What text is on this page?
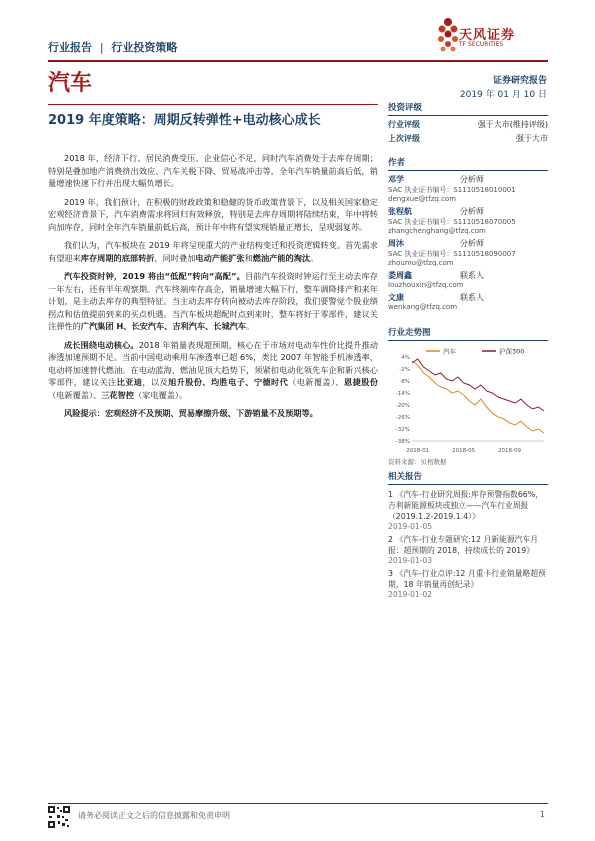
行业报告 | 行业投资策略
天风证券
TF SECURITIES
汽车	证券研究报告
2019 年 01 月 10 日
2019 年度策略：周期反转弹性+电动核心成长

2018 年，经济下行、居民消费受压、企业信心不足，同时汽车消费处于去库存周期；特别是叠加地产消费挤出效应、汽车关税下降、贸易战冲击等，全年汽车销量前高后低，销量增速快速下行并出现大幅负增长。

2019 年，我们预计，在积极的财政政策和稳健的货币政策背景下，以及相关国家稳定宏观经济背景下，汽车消费需求将回归有效释放，特别是去库存周期将陆续结束，年中将转向加库存，同时全年汽车销量前低后高，预计年中将有望实现销量正增长，呈现弱复苏。

我们认为，汽车板块在 2019 年将呈现重大的产业结构变迁和投资逻辑转变。首先需求有望迎来库存周期的底部转折，同时叠加电动产能扩张和燃油产能的淘汰。

汽车投资时钟，2019 将由“低配”转向“高配”。目前汽车投资时钟运行至主动去库存一年左右，还有半年观察期。汽车终端库存高企，销量增速大幅下行，整车调降排产和来年计划，是主动去库存的典型特征。当主动去库存转向被动去库存阶段，我们要警觉个股业绩拐点和估值提前到来的买点机遇。当汽车板块超配时点到来时，整车将好于零部件，建议关注弹性的广汽集团 H、长安汽车、吉利汽车、长城汽车。

成长围绕电动核心。2018 年销量表现超预期，核心在于市场对电动车性价比提升推动渗透加速预期不足。当前中国电动乘用车渗透率已超 6%，类比 2007 年智能手机渗透率，电动将加速替代燃油。在电动蓝海、燃油见顶大趋势下，须紧扣电动化领先车企和新兴核心零部件，建议关注比亚迪，以及旭升股份、均胜电子、宁德时代（电新覆盖）、恩捷股份（电新覆盖）、三花智控（家电覆盖）。

风险提示：宏观经济不及预期、贸易摩擦升级、下游销量不及预期等。

投资评级
行业评级	强于大市(维持评级)
上次评级	强于大市
作者
邓学	分析师
SAC 执业证书编号：S1110518010001
dengxue@tfzq.com
张程航	分析师
SAC 执业证书编号：S1110518070005
zhangchenghang@tfzq.com
周沐	分析师
SAC 执业证书编号：S1110518090007
zhoumu@tfzq.com
娄周鑫	联系人
louzhouxin@tfzq.com
文康	联系人
wenkang@tfzq.com
行业走势图
汽车	沪深300
4%
-2%
-8%
-14%
-20%
-26%
-32%
-38%
2018-01	2018-05	2018-09
资料来源：贝格数据
相关报告
1 《汽车-行业研究周报:库存预警指数66%，吉利新能源板块或独立——汽车行业周报（2019.1.2-2019.1.4）》
2019-01-05
2 《汽车-行业专题研究:12 月新能源汽车月报：超预期的 2018，持续成长的 2019》
2019-01-03
3 《汽车-行业点评:12 月重卡行业销量略超预期，18 年销量再创纪录》
2019-01-02
请务必阅读正文之后的信息披露和免责申明	1
